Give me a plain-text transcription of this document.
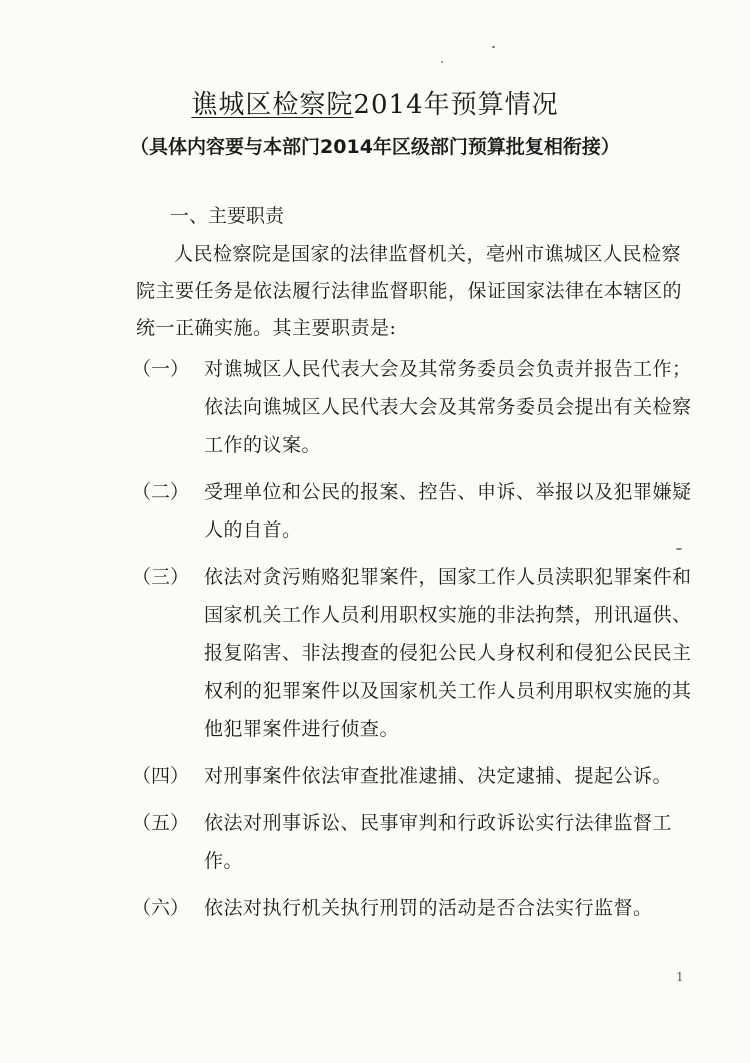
谯城区检察院2014年预算情况
（具体内容要与本部门2014年区级部门预算批复相衔接）
一、主要职责
人民检察院是国家的法律监督机关，亳州市谯城区人民检察院主要任务是依法履行法律监督职能，保证国家法律在本辖区的统一正确实施。其主要职责是:
（一） 对谯城区人民代表大会及其常务委员会负责并报告工作；依法向谯城区人民代表大会及其常务委员会提出有关检察工作的议案。
（二） 受理单位和公民的报案、控告、申诉、举报以及犯罪嫌疑人的自首。
（三） 依法对贪污贿赂犯罪案件，国家工作人员渎职犯罪案件和国家机关工作人员利用职权实施的非法拘禁，刑讯逼供、报复陷害、非法搜查的侵犯公民人身权利和侵犯公民民主权利的犯罪案件以及国家机关工作人员利用职权实施的其他犯罪案件进行侦查。
（四） 对刑事案件依法审查批准逮捕、决定逮捕、提起公诉。
（五） 依法对刑事诉讼、民事审判和行政诉讼实行法律监督工作。
（六） 依法对执行机关执行刑罚的活动是否合法实行监督。
1
